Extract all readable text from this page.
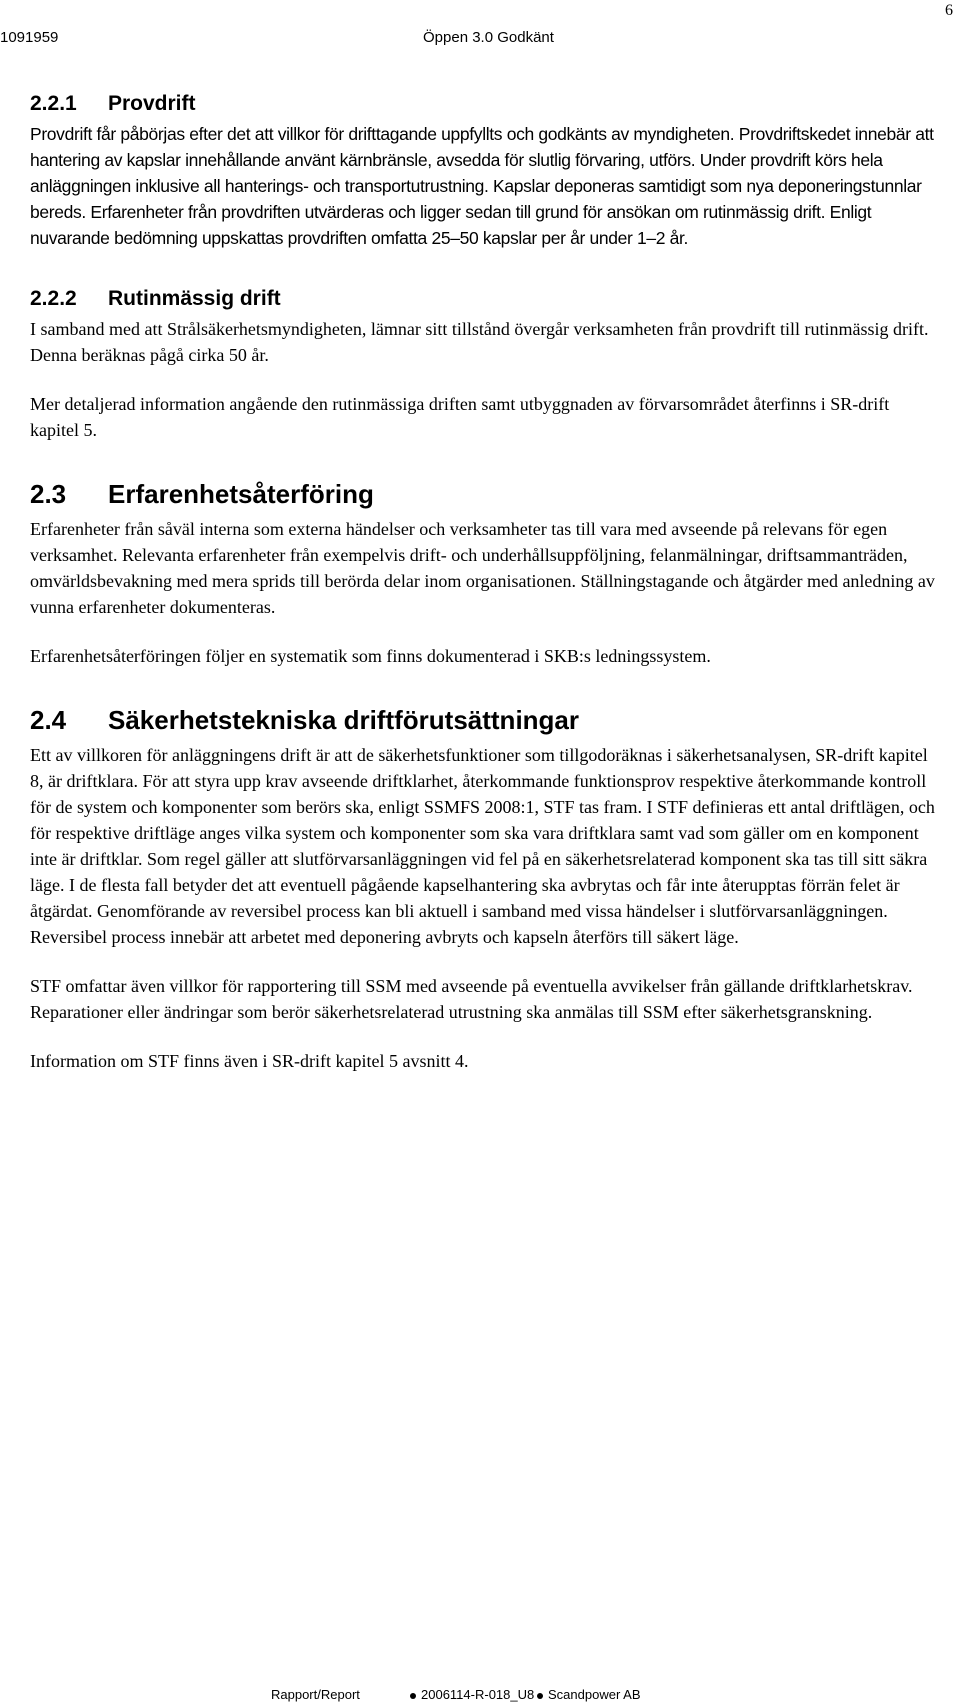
1091959	Öppen 3.0 Godkänt
6
2.2.1 Provdrift

Provdrift får påbörjas efter det att villkor för drifttagande uppfyllts och godkänts av myndigheten. Provdriftskedet innebär att hantering av kapslar innehållande använt kärnbränsle, avsedda för slutlig förvaring, utförs. Under provdrift körs hela anläggningen inklusive all hanterings- och transportutrustning. Kapslar deponeras samtidigt som nya deponeringstunnlar bereds. Erfarenheter från provdriften utvärderas och ligger sedan till grund för ansökan om rutinmässig drift. Enligt nuvarande bedömning uppskattas provdriften omfatta 25–50 kapslar per år under 1–2 år.

2.2.2 Rutinmässig drift

I samband med att Strålsäkerhetsmyndigheten, lämnar sitt tillstånd övergår verksamheten från provdrift till rutinmässig drift. Denna beräknas pågå cirka 50 år.

Mer detaljerad information angående den rutinmässiga driften samt utbyggnaden av förvarsområdet återfinns i SR-drift kapitel 5.

2.3 Erfarenhetsåterföring

Erfarenheter från såväl interna som externa händelser och verksamheter tas till vara med avseende på relevans för egen verksamhet. Relevanta erfarenheter från exempelvis drift- och underhållsuppföljning, felanmälningar, driftsammanträden, omvärldsbevakning med mera sprids till berörda delar inom organisationen. Ställningstagande och åtgärder med anledning av vunna erfarenheter dokumenteras.

Erfarenhetsåterföringen följer en systematik som finns dokumenterad i SKB:s ledningssystem.

2.4 Säkerhetstekniska driftförutsättningar

Ett av villkoren för anläggningens drift är att de säkerhetsfunktioner som tillgodoräknas i säkerhetsanalysen, SR-drift kapitel 8, är driftklara. För att styra upp krav avseende driftklarhet, återkommande funktionsprov respektive återkommande kontroll för de system och komponenter som berörs ska, enligt SSMFS 2008:1, STF tas fram. I STF definieras ett antal driftlägen, och för respektive driftläge anges vilka system och komponenter som ska vara driftklara samt vad som gäller om en komponent inte är driftklar. Som regel gäller att slutförvarsanläggningen vid fel på en säkerhetsrelaterad komponent ska tas till sitt säkra läge. I de flesta fall betyder det att eventuell pågående kapselhantering ska avbrytas och får inte återupptas förrän felet är åtgärdat. Genomförande av reversibel process kan bli aktuell i samband med vissa händelser i slutförvarsanläggningen. Reversibel process innebär att arbetet med deponering avbryts och kapseln återförs till säkert läge.

STF omfattar även villkor för rapportering till SSM med avseende på eventuella avvikelser från gällande driftklarhetskrav. Reparationer eller ändringar som berör säkerhetsrelaterad utrustning ska anmälas till SSM efter säkerhetsgranskning.

Information om STF finns även i SR-drift kapitel 5 avsnitt 4.

Rapport/Report	2006114-R-018_U8	Scandpower AB
